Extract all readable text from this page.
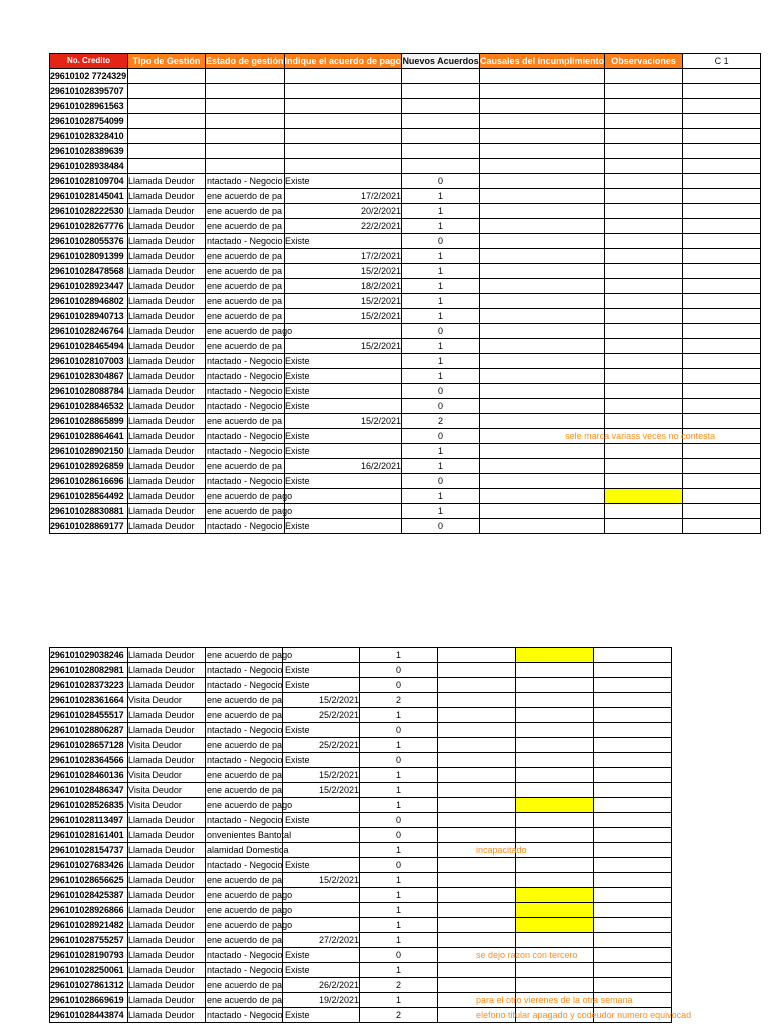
No. Credito	Tipo de Gestión	Estado de gestión	Indique el acuerdo de pago	Nuevos Acuerdos	Causales del incumplimiento	Observaciones	C 1
29610102 7724329		

296101028395707		

296101028961563		

296101028754099		

296101028328410		

296101028389639		

296101028938484		

296101028109704	Llamada Deudor	ntactado - Negocio Existe		0		

296101028145041	Llamada Deudor	ene acuerdo de pa	17/2/2021	1		

296101028222530	Llamada Deudor	ene acuerdo de pa	20/2/2021	1		

296101028267776	Llamada Deudor	ene acuerdo de pa	22/2/2021	1		

296101028055376	Llamada Deudor	ntactado - Negocio Existe		0		

296101028091399	Llamada Deudor	ene acuerdo de pa	17/2/2021	1		

296101028478568	Llamada Deudor	ene acuerdo de pa	15/2/2021	1		

296101028923447	Llamada Deudor	ene acuerdo de pa	18/2/2021	1		

296101028946802	Llamada Deudor	ene acuerdo de pa	15/2/2021	1		

296101028940713	Llamada Deudor	ene acuerdo de pa	15/2/2021	1		

296101028246764	Llamada Deudor	ene acuerdo de pago		0		

296101028465494	Llamada Deudor	ene acuerdo de pa	15/2/2021	1		

296101028107003	Llamada Deudor	ntactado - Negocio Existe		1		

296101028304867	Llamada Deudor	ntactado - Negocio Existe		1		

296101028088784	Llamada Deudor	ntactado - Negocio Existe		0		

296101028846532	Llamada Deudor	ntactado - Negocio Existe		0		

296101028865899	Llamada Deudor	ene acuerdo de pa	15/2/2021	2		

296101028864641	Llamada Deudor	ntactado - Negocio Existe		0		sele marca variass veces no contesta	

296101028902150	Llamada Deudor	ntactado - Negocio Existe		1		

296101028926859	Llamada Deudor	ene acuerdo de pa	16/2/2021	1		

296101028616696	Llamada Deudor	ntactado - Negocio Existe		0		

296101028564492	Llamada Deudor	ene acuerdo de pago		1		

296101028830881	Llamada Deudor	ene acuerdo de pago		1		

296101028869177	Llamada Deudor	ntactado - Negocio Existe		0		

296101029038246	Llamada Deudor	ene acuerdo de pago		1		

296101028082981	Llamada Deudor	ntactado - Negocio Existe		0		

296101028373223	Llamada Deudor	ntactado - Negocio Existe		0		

296101028361664	Visita Deudor	ene acuerdo de pa	15/2/2021	2		

296101028455517	Llamada Deudor	ene acuerdo de pa	25/2/2021	1		

296101028806287	Llamada Deudor	ntactado - Negocio Existe		0		

296101028657128	Visita Deudor	ene acuerdo de pa	25/2/2021	1		

296101028364566	Llamada Deudor	ntactado - Negocio Existe		0		

296101028460136	Visita Deudor	ene acuerdo de pa	15/2/2021	1		

296101028486347	Visita Deudor	ene acuerdo de pa	15/2/2021	1		

296101028526835	Visita Deudor	ene acuerdo de pago		1		

296101028113497	Llamada Deudor	ntactado - Negocio Existe		0		

296101028161401	Llamada Deudor	onvenientes Bantotal		0		

296101028154737	Llamada Deudor	alamidad Domestica		1		incapacitado	

296101027683426	Llamada Deudor	ntactado - Negocio Existe		0		

296101028656625	Llamada Deudor	ene acuerdo de pa	15/2/2021	1		

296101028425387	Llamada Deudor	ene acuerdo de pago		1		

296101028926866	Llamada Deudor	ene acuerdo de pago		1		

296101028921482	Llamada Deudor	ene acuerdo de pago		1		

296101028755257	Llamada Deudor	ene acuerdo de pa	27/2/2021	1		

296101028190793	Llamada Deudor	ntactado - Negocio Existe		0		se dejo razon con tercero	

296101028250061	Llamada Deudor	ntactado - Negocio Existe		1		

296101027861312	Llamada Deudor	ene acuerdo de pa	26/2/2021	2		

296101028669619	Llamada Deudor	ene acuerdo de pa	19/2/2021	1		para el otro vierenes de la otra semana	

296101028443874	Llamada Deudor	ntactado - Negocio Existe		2		elefono titular apagado y codeudor numero equivocad	
